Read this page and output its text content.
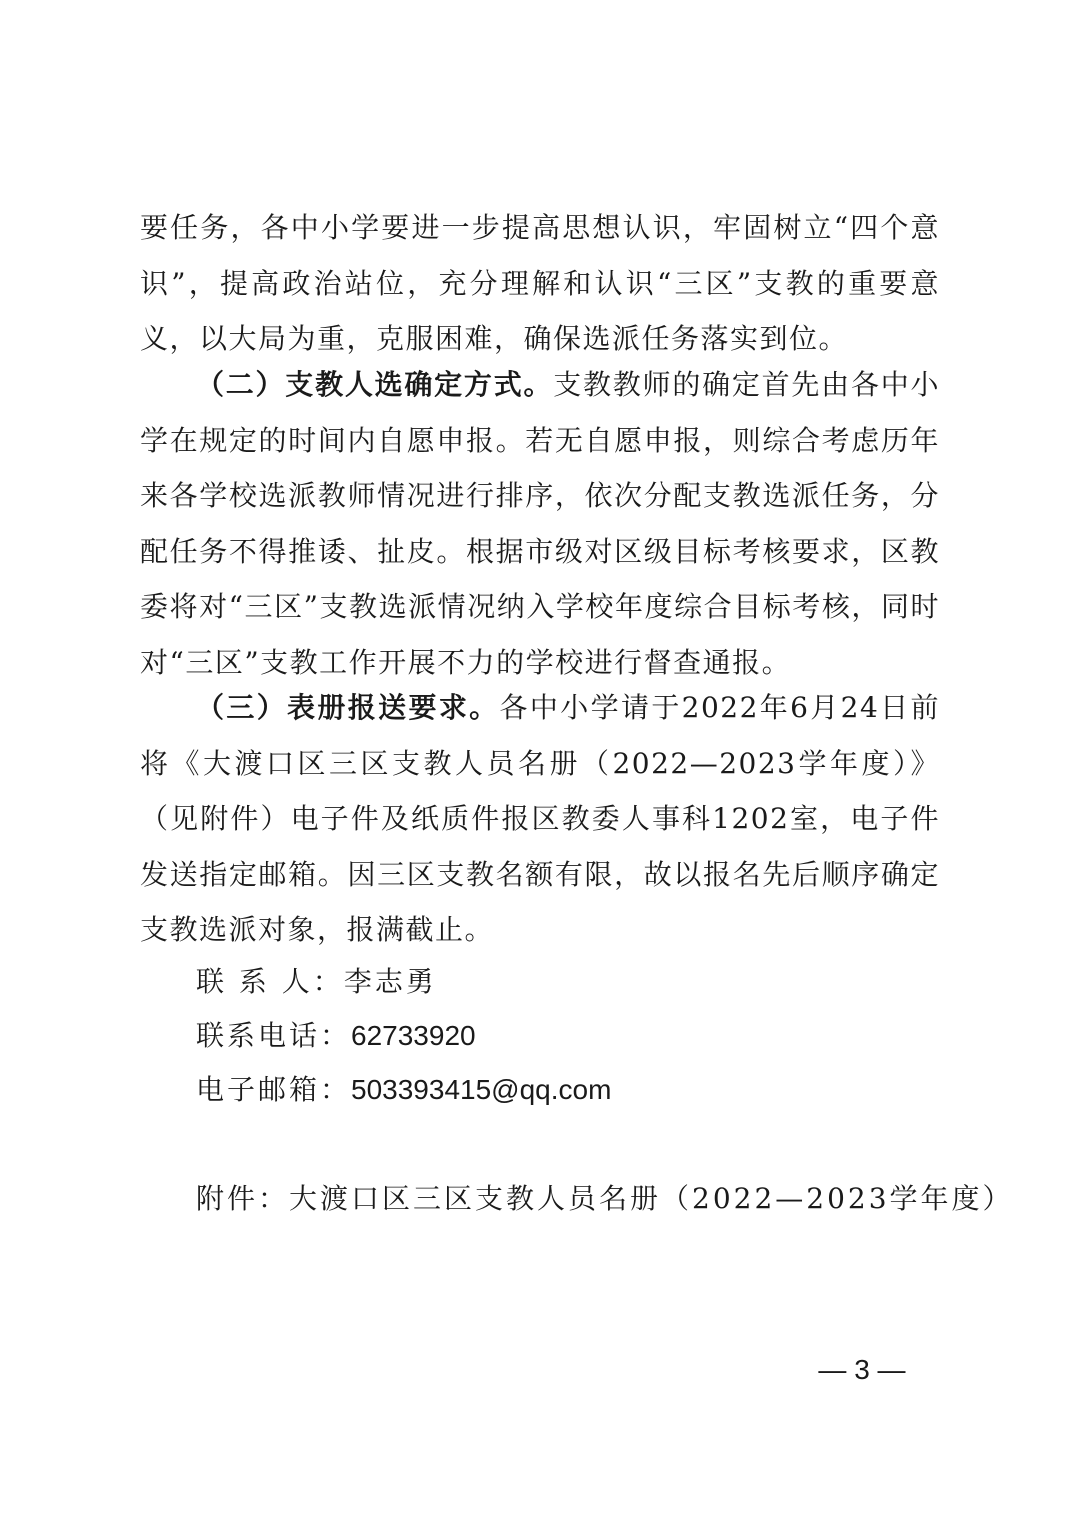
要任务，各中小学要进一步提高思想认识，牢固树立“四个意识”，提高政治站位，充分理解和认识“三区”支教的重要意义，以大局为重，克服困难，确保选派任务落实到位。

（二）支教人选确定方式。支教教师的确定首先由各中小学在规定的时间内自愿申报。若无自愿申报，则综合考虑历年来各学校选派教师情况进行排序，依次分配支教选派任务，分配任务不得推诿、扯皮。根据市级对区级目标考核要求，区教委将对“三区”支教选派情况纳入学校年度综合目标考核，同时对“三区”支教工作开展不力的学校进行督查通报。

（三）表册报送要求。各中小学请于2022年6月24日前将《大渡口区三区支教人员名册（2022—2023学年度）》（见附件）电子件及纸质件报区教委人事科1202室，电子件发送指定邮箱。因三区支教名额有限，故以报名先后顺序确定支教选派对象，报满截止。

联 系 人：李志勇

联系电话：62733920

电子邮箱：503393415@qq.com

附件：大渡口区三区支教人员名册（2022—2023学年度）

— 3 —
